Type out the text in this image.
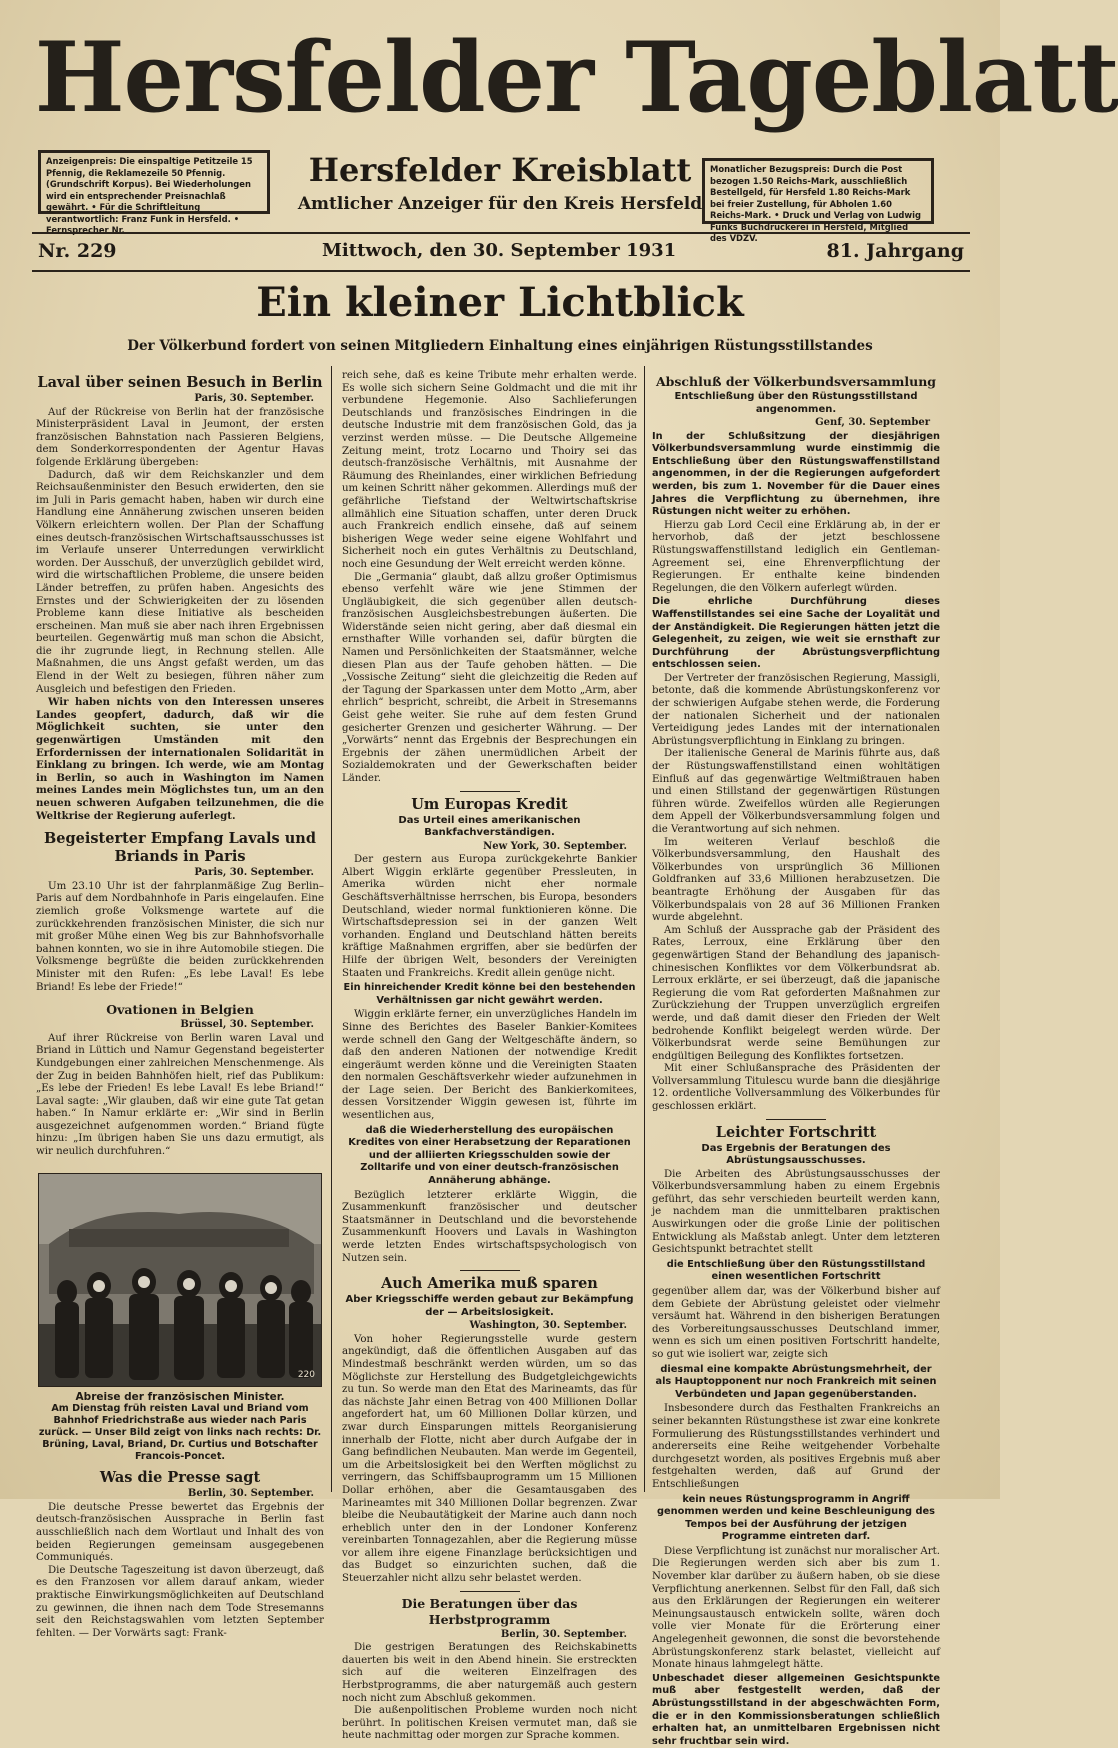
Hersfelder Tageblatt
Anzeigenpreis: Die einspaltige Petitzeile 15 Pfennig, die Reklamezeile 50 Pfennig. (Grundschrift Korpus). Bei Wiederholungen wird ein entsprechender Preisnachlaß gewährt. • Für die Schriftleitung verantwortlich: Franz Funk in Hersfeld. • Fernsprecher Nr.
Hersfelder Kreisblatt
Amtlicher Anzeiger für den Kreis Hersfeld
Monatlicher Bezugspreis: Durch die Post bezogen 1.50 Reichs-Mark, ausschließlich Bestellgeld, für Hersfeld 1.80 Reichs-Mark bei freier Zustellung, für Abholen 1.60 Reichs-Mark. • Druck und Verlag von Ludwig Funks Buchdruckerei in Hersfeld, Mitglied des VDZV.
Nr. 229	Mittwoch, den 30. September 1931	81. Jahrgang
Ein kleiner Lichtblick
Der Völkerbund fordert von seinen Mitgliedern Einhaltung eines einjährigen Rüstungsstillstandes
Laval über seinen Besuch in Berlin
Paris, 30. September.

Auf der Rückreise von Berlin hat der französische Ministerpräsident Laval in Jeumont, der ersten französischen Bahnstation nach Passieren Belgiens, dem Sonderkorrespondenten der Agentur Havas folgende Erklärung übergeben:

Dadurch, daß wir dem Reichskanzler und dem Reichsaußenminister den Besuch erwiderten, den sie im Juli in Paris gemacht haben, haben wir durch eine Handlung eine Annäherung zwischen unseren beiden Völkern erleichtern wollen. Der Plan der Schaffung eines deutsch-französischen Wirtschaftsausschusses ist im Verlaufe unserer Unterredungen verwirklicht worden. Der Ausschuß, der unverzüglich gebildet wird, wird die wirtschaftlichen Probleme, die unsere beiden Länder betreffen, zu prüfen haben. Angesichts des Ernstes und der Schwierigkeiten der zu lösenden Probleme kann diese Initiative als bescheiden erscheinen. Man muß sie aber nach ihren Ergebnissen beurteilen. Gegenwärtig muß man schon die Absicht, die ihr zugrunde liegt, in Rechnung stellen. Alle Maßnahmen, die uns Angst gefaßt werden, um das Elend in der Welt zu besiegen, führen näher zum Ausgleich und befestigen den Frieden.

Wir haben nichts von den Interessen unseres Landes geopfert, dadurch, daß wir die Möglichkeit suchten, sie unter den gegenwärtigen Umständen mit den Erfordernissen der internationalen Solidarität in Einklang zu bringen. Ich werde, wie am Montag in Berlin, so auch in Washington im Namen meines Landes mein Möglichstes tun, um an den neuen schweren Aufgaben teilzunehmen, die die Weltkrise der Regierung auferlegt.

Begeisterter Empfang Lavals und Briands in Paris
Paris, 30. September.

Um 23.10 Uhr ist der fahrplanmäßige Zug Berlin–Paris auf dem Nordbahnhofe in Paris eingelaufen. Eine ziemlich große Volksmenge wartete auf die zurückkehrenden französischen Minister, die sich nur mit großer Mühe einen Weg bis zur Bahnhofsvorhalle bahnen konnten, wo sie in ihre Automobile stiegen. Die Volksmenge begrüßte die beiden zurückkehrenden Minister mit den Rufen: „Es lebe Laval! Es lebe Briand! Es lebe der Friede!“

Ovationen in Belgien
Brüssel, 30. September.

Auf ihrer Rückreise von Berlin waren Laval und Briand in Lüttich und Namur Gegenstand begeisterter Kundgebungen einer zahlreichen Menschenmenge. Als der Zug in beiden Bahnhöfen hielt, rief das Publikum: „Es lebe der Frieden! Es lebe Laval! Es lebe Briand!“ Laval sagte: „Wir glauben, daß wir eine gute Tat getan haben.“ In Namur erklärte er: „Wir sind in Berlin ausgezeichnet aufgenommen worden.“ Briand fügte hinzu: „Im übrigen haben Sie uns dazu ermutigt, als wir neulich durchfuhren.“

220
Abreise der französischen Minister.

Am Dienstag früh reisten Laval und Briand vom Bahnhof Friedrichstraße aus wieder nach Paris zurück. — Unser Bild zeigt von links nach rechts: Dr. Brüning, Laval, Briand, Dr. Curtius und Botschafter Francois-Poncet.

Was die Presse sagt
Berlin, 30. September.

Die deutsche Presse bewertet das Ergebnis der deutsch-französischen Aussprache in Berlin fast ausschließlich nach dem Wortlaut und Inhalt des von beiden Regierungen gemeinsam ausgegebenen Communiqués.

Die Deutsche Tageszeitung ist davon überzeugt, daß es den Franzosen vor allem darauf ankam, wieder praktische Einwirkungsmöglichkeiten auf Deutschland zu gewinnen, die ihnen nach dem Tode Stresemanns seit den Reichstagswahlen vom letzten September fehlten. — Der Vorwärts sagt: Frank-

reich sehe, daß es keine Tribute mehr erhalten werde. Es wolle sich sichern Seine Goldmacht und die mit ihr verbundene Hegemonie. Also Sachlieferungen Deutschlands und französisches Eindringen in die deutsche Industrie mit dem französischen Gold, das ja verzinst werden müsse. — Die Deutsche Allgemeine Zeitung meint, trotz Locarno und Thoiry sei das deutsch-französische Verhältnis, mit Ausnahme der Räumung des Rheinlandes, einer wirklichen Befriedung um keinen Schritt näher gekommen. Allerdings muß der gefährliche Tiefstand der Weltwirtschaftskrise allmählich eine Situation schaffen, unter deren Druck auch Frankreich endlich einsehe, daß auf seinem bisherigen Wege weder seine eigene Wohlfahrt und Sicherheit noch ein gutes Verhältnis zu Deutschland, noch eine Gesundung der Welt erreicht werden könne.

Die „Germania“ glaubt, daß allzu großer Optimismus ebenso verfehlt wäre wie jene Stimmen der Ungläubigkeit, die sich gegenüber allen deutsch-französischen Ausgleichsbestrebungen äußerten. Die Widerstände seien nicht gering, aber daß diesmal ein ernsthafter Wille vorhanden sei, dafür bürgten die Namen und Persönlichkeiten der Staatsmänner, welche diesen Plan aus der Taufe gehoben hätten. — Die „Vossische Zeitung“ sieht die gleichzeitig die Reden auf der Tagung der Sparkassen unter dem Motto „Arm, aber ehrlich“ bespricht, schreibt, die Arbeit in Stresemanns Geist gehe weiter. Sie ruhe auf dem festen Grund gesicherter Grenzen und gesicherter Währung. — Der „Vorwärts“ nennt das Ergebnis der Besprechungen ein Ergebnis der zähen unermüdlichen Arbeit der Sozialdemokraten und der Gewerkschaften beider Länder.

Um Europas Kredit
Das Urteil eines amerikanischen Bankfachverständigen.
New York, 30. September.

Der gestern aus Europa zurückgekehrte Bankier Albert Wiggin erklärte gegenüber Pressleuten, in Amerika würden nicht eher normale Geschäftsverhältnisse herrschen, bis Europa, besonders Deutschland, wieder normal funktionieren könne. Die Wirtschaftsdepression sei in der ganzen Welt vorhanden. England und Deutschland hätten bereits kräftige Maßnahmen ergriffen, aber sie bedürfen der Hilfe der übrigen Welt, besonders der Vereinigten Staaten und Frankreichs. Kredit allein genüge nicht.

Ein hinreichender Kredit könne bei den bestehenden Verhältnissen gar nicht gewährt werden.

Wiggin erklärte ferner, ein unverzügliches Handeln im Sinne des Berichtes des Baseler Bankier-Komitees werde schnell den Gang der Weltgeschäfte ändern, so daß den anderen Nationen der notwendige Kredit eingeräumt werden könne und die Vereinigten Staaten den normalen Geschäftsverkehr wieder aufzunehmen in der Lage seien. Der Bericht des Bankierkomitees, dessen Vorsitzender Wiggin gewesen ist, führte im wesentlichen aus,

daß die Wiederherstellung des europäischen Kredites von einer Herabsetzung der Reparationen und der alliierten Kriegsschulden sowie der Zolltarife und von einer deutsch-französischen Annäherung abhänge.

Bezüglich letzterer erklärte Wiggin, die Zusammenkunft französischer und deutscher Staatsmänner in Deutschland und die bevorstehende Zusammenkunft Hoovers und Lavals in Washington werde letzten Endes wirtschaftspsychologisch von Nutzen sein.

Auch Amerika muß sparen
Aber Kriegsschiffe werden gebaut zur Bekämpfung der — Arbeitslosigkeit.
Washington, 30. September.

Von hoher Regierungsstelle wurde gestern angekündigt, daß die öffentlichen Ausgaben auf das Mindestmaß beschränkt werden würden, um so das Möglichste zur Herstellung des Budgetgleichgewichts zu tun. So werde man den Etat des Marineamts, das für das nächste Jahr einen Betrag von 400 Millionen Dollar angefordert hat, um 60 Millionen Dollar kürzen, und zwar durch Einsparungen mittels Reorganisierung innerhalb der Flotte, nicht aber durch Aufgabe der in Gang befindlichen Neubauten. Man werde im Gegenteil, um die Arbeitslosigkeit bei den Werften möglichst zu verringern, das Schiffsbauprogramm um 15 Millionen Dollar erhöhen, aber die Gesamtausgaben des Marineamtes mit 340 Millionen Dollar begrenzen. Zwar bleibe die Neubautätigkeit der Marine auch dann noch erheblich unter den in der Londoner Konferenz vereinbarten Tonnagezahlen, aber die Regierung müsse vor allem ihre eigene Finanzlage berücksichtigen und das Budget so einzurichten suchen, daß die Steuerzahler nicht allzu sehr belastet werden.

Die Beratungen über das Herbstprogramm
Berlin, 30. September.

Die gestrigen Beratungen des Reichskabinetts dauerten bis weit in den Abend hinein. Sie erstreckten sich auf die weiteren Einzelfragen des Herbstprogramms, die aber naturgemäß auch gestern noch nicht zum Abschluß gekommen.

Die außenpolitischen Probleme wurden noch nicht berührt. In politischen Kreisen vermutet man, daß sie heute nachmittag oder morgen zur Sprache kommen.

Abschluß der Völkerbundsversammlung
Entschließung über den Rüstungsstillstand angenommen.
Genf, 30. September

In der Schlußsitzung der diesjährigen Völkerbundsversammlung wurde einstimmig die Entschließung über den Rüstungswaffenstillstand angenommen, in der die Regierungen aufgefordert werden, bis zum 1. November für die Dauer eines Jahres die Verpflichtung zu übernehmen, ihre Rüstungen nicht weiter zu erhöhen.

Hierzu gab Lord Cecil eine Erklärung ab, in der er hervorhob, daß der jetzt beschlossene Rüstungswaffenstillstand lediglich ein Gentleman-Agreement sei, eine Ehrenverpflichtung der Regierungen. Er enthalte keine bindenden Regelungen, die den Völkern auferlegt würden.

Die ehrliche Durchführung dieses Waffenstillstandes sei eine Sache der Loyalität und der Anständigkeit. Die Regierungen hätten jetzt die Gelegenheit, zu zeigen, wie weit sie ernsthaft zur Durchführung der Abrüstungsverpflichtung entschlossen seien.

Der Vertreter der französischen Regierung, Massigli, betonte, daß die kommende Abrüstungskonferenz vor der schwierigen Aufgabe stehen werde, die Forderung der nationalen Sicherheit und der nationalen Verteidigung jedes Landes mit der internationalen Abrüstungsverpflichtung in Einklang zu bringen.

Der italienische General de Marinis führte aus, daß der Rüstungswaffenstillstand einen wohltätigen Einfluß auf das gegenwärtige Weltmißtrauen haben und einen Stillstand der gegenwärtigen Rüstungen führen würde. Zweifellos würden alle Regierungen dem Appell der Völkerbundsversammlung folgen und die Verantwortung auf sich nehmen.

Im weiteren Verlauf beschloß die Völkerbundsversammlung, den Haushalt des Völkerbundes von ursprünglich 36 Millionen Goldfranken auf 33,6 Millionen herabzusetzen. Die beantragte Erhöhung der Ausgaben für das Völkerbundspalais von 28 auf 36 Millionen Franken wurde abgelehnt.

Am Schluß der Aussprache gab der Präsident des Rates, Lerroux, eine Erklärung über den gegenwärtigen Stand der Behandlung des japanisch-chinesischen Konfliktes vor dem Völkerbundsrat ab. Lerroux erklärte, er sei überzeugt, daß die japanische Regierung die vom Rat geforderten Maßnahmen zur Zurückziehung der Truppen unverzüglich ergreifen werde, und daß damit dieser den Frieden der Welt bedrohende Konflikt beigelegt werden würde. Der Völkerbundsrat werde seine Bemühungen zur endgültigen Beilegung des Konfliktes fortsetzen.

Mit einer Schlußansprache des Präsidenten der Vollversammlung Titulescu wurde bann die diesjährige 12. ordentliche Vollversammlung des Völkerbundes für geschlossen erklärt.

Leichter Fortschritt
Das Ergebnis der Beratungen des Abrüstungsausschusses.

Die Arbeiten des Abrüstungsausschusses der Völkerbundsversammlung haben zu einem Ergebnis geführt, das sehr verschieden beurteilt werden kann, je nachdem man die unmittelbaren praktischen Auswirkungen oder die große Linie der politischen Entwicklung als Maßstab anlegt. Unter dem letzteren Gesichtspunkt betrachtet stellt

die Entschließung über den Rüstungsstillstand einen wesentlichen Fortschritt

gegenüber allem dar, was der Völkerbund bisher auf dem Gebiete der Abrüstung geleistet oder vielmehr versäumt hat. Während in den bisherigen Beratungen des Vorbereitungsausschusses Deutschland immer, wenn es sich um einen positiven Fortschritt handelte, so gut wie isoliert war, zeigte sich

diesmal eine kompakte Abrüstungsmehrheit, der als Hauptopponent nur noch Frankreich mit seinen Verbündeten und Japan gegenüberstanden.

Insbesondere durch das Festhalten Frankreichs an seiner bekannten Rüstungsthese ist zwar eine konkrete Formulierung des Rüstungsstillstandes verhindert und andererseits eine Reihe weitgehender Vorbehalte durchgesetzt worden, als positives Ergebnis muß aber festgehalten werden, daß auf Grund der Entschließungen

kein neues Rüstungsprogramm in Angriff genommen werden und keine Beschleunigung des Tempos bei der Ausführung der jetzigen Programme eintreten darf.

Diese Verpflichtung ist zunächst nur moralischer Art. Die Regierungen werden sich aber bis zum 1. November klar darüber zu äußern haben, ob sie diese Verpflichtung anerkennen. Selbst für den Fall, daß sich aus den Erklärungen der Regierungen ein weiterer Meinungsaustausch entwickeln sollte, wären doch volle vier Monate für die Erörterung einer Angelegenheit gewonnen, die sonst die bevorstehende Abrüstungskonferenz stark belastet, vielleicht auf Monate hinaus lahmgelegt hätte.

Unbeschadet dieser allgemeinen Gesichtspunkte muß aber festgestellt werden, daß der Abrüstungsstillstand in der abgeschwächten Form, die er in den Kommissionsberatungen schließlich erhalten hat, an unmittelbaren Ergebnissen nicht sehr fruchtbar sein wird.
